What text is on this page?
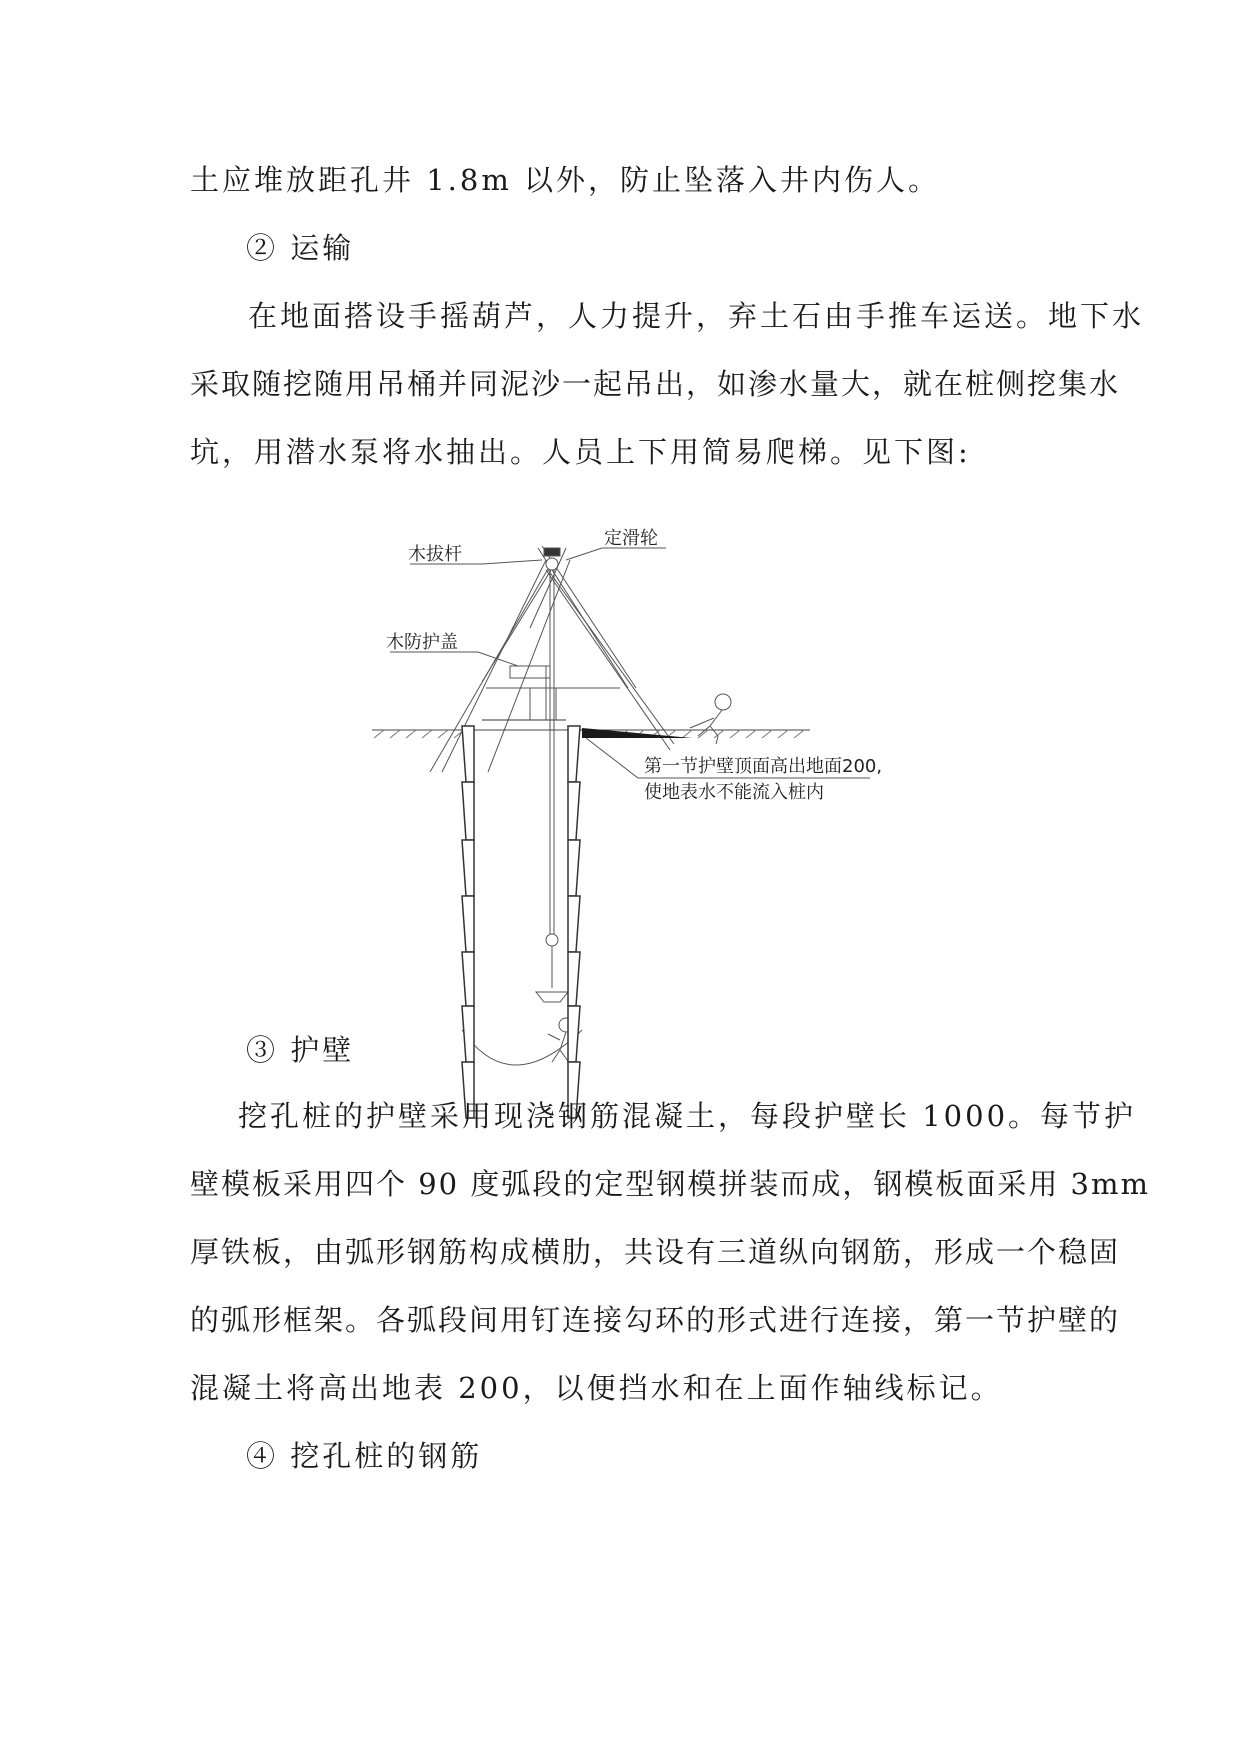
土应堆放距孔井 1.8m 以外，防止坠落入井内伤人。
② 运输
在地面搭设手摇葫芦，人力提升，弃土石由手推车运送。地下水
采取随挖随用吊桶并同泥沙一起吊出，如渗水量大，就在桩侧挖集水
坑，用潜水泵将水抽出。人员上下用简易爬梯。见下图:
木拔杆
定滑轮
木防护盖
第一节护壁顶面高出地面200,
使地表水不能流入桩内
③ 护壁
挖孔桩的护壁采用现浇钢筋混凝土，每段护壁长 1000。每节护
壁模板采用四个 90 度弧段的定型钢模拼装而成，钢模板面采用 3mm
厚铁板，由弧形钢筋构成横肋，共设有三道纵向钢筋，形成一个稳固
的弧形框架。各弧段间用钉连接勾环的形式进行连接，第一节护壁的
混凝土将高出地表 200，以便挡水和在上面作轴线标记。
④ 挖孔桩的钢筋
